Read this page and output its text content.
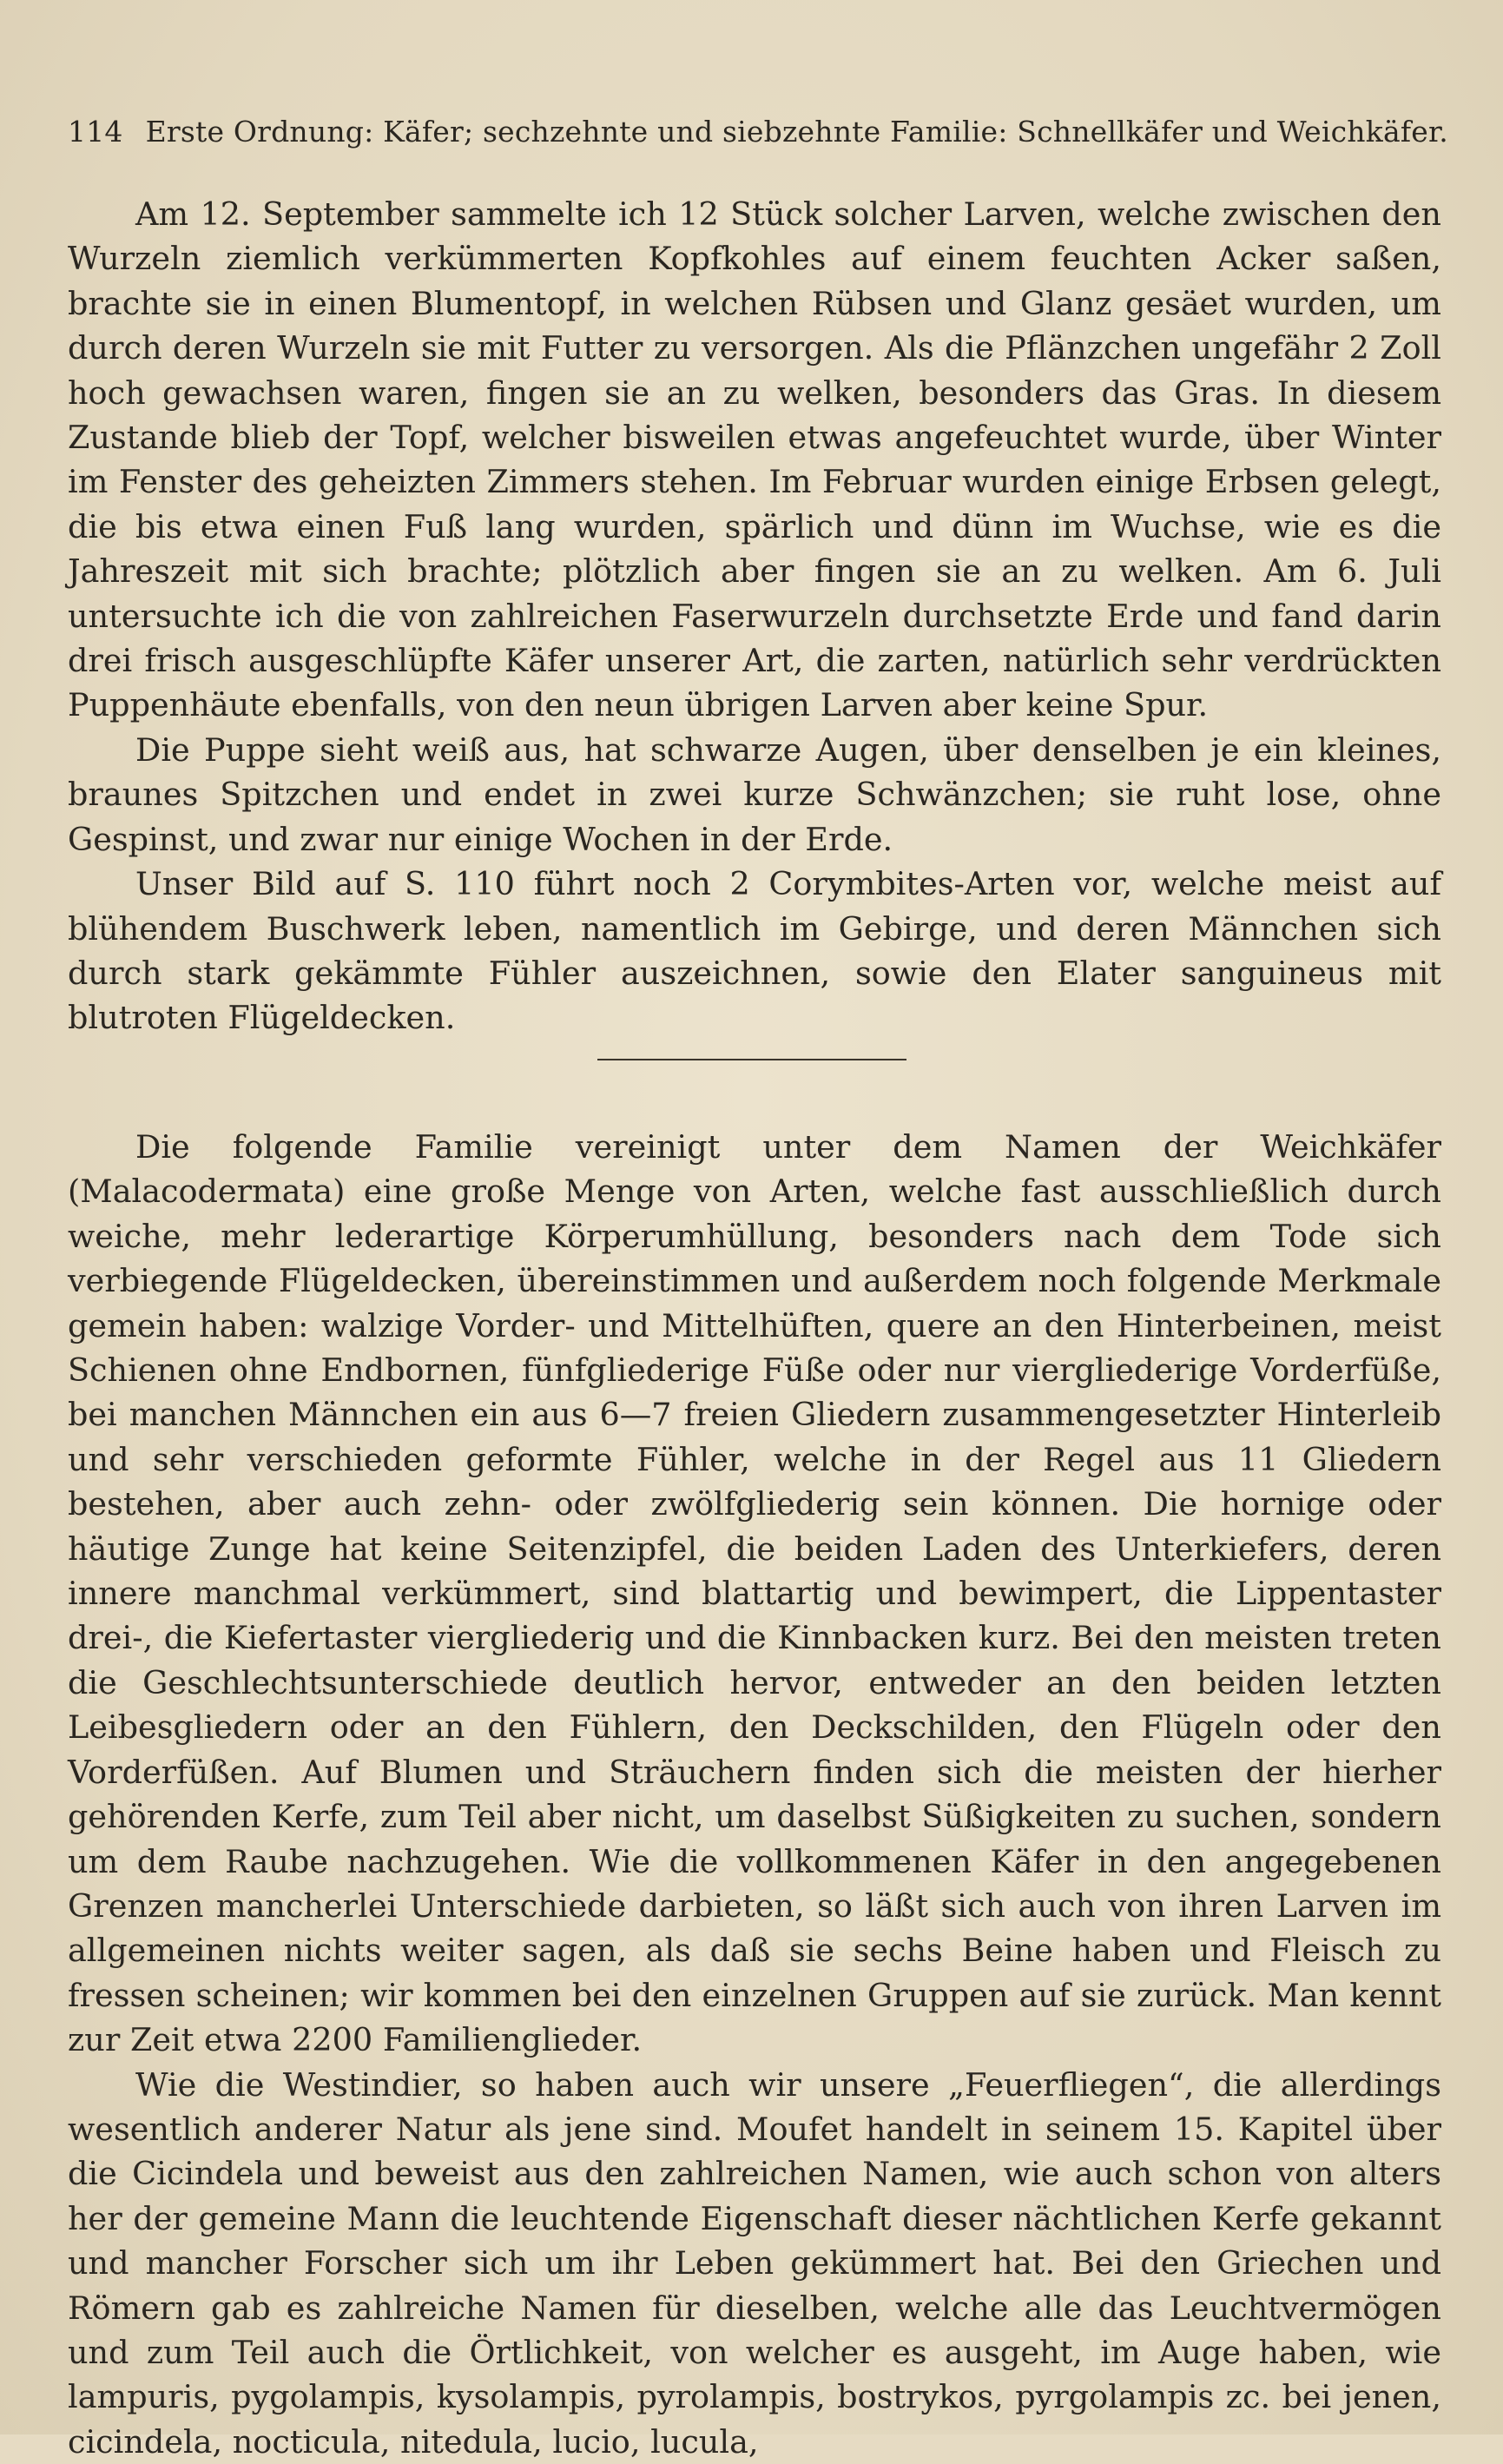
114 Erste Ordnung: Käfer; sechzehnte und siebzehnte Familie: Schnellkäfer und Weichkäfer.

Am 12. September sammelte ich 12 Stück solcher Larven, welche zwischen den Wurzeln ziemlich verkümmerten Kopfkohles auf einem feuchten Acker saßen, brachte sie in einen Blumentopf, in welchen Rübsen und Glanz gesäet wurden, um durch deren Wurzeln sie mit Futter zu versorgen. Als die Pflänzchen ungefähr 2 Zoll hoch gewachsen waren, fingen sie an zu welken, besonders das Gras. In diesem Zustande blieb der Topf, welcher bisweilen etwas angefeuchtet wurde, über Winter im Fenster des geheizten Zimmers stehen. Im Februar wurden einige Erbsen gelegt, die bis etwa einen Fuß lang wurden, spärlich und dünn im Wuchse, wie es die Jahreszeit mit sich brachte; plötzlich aber fingen sie an zu welken. Am 6. Juli untersuchte ich die von zahlreichen Faserwurzeln durchsetzte Erde und fand darin drei frisch ausgeschlüpfte Käfer unserer Art, die zarten, natürlich sehr verdrückten Puppenhäute ebenfalls, von den neun übrigen Larven aber keine Spur.

Die Puppe sieht weiß aus, hat schwarze Augen, über denselben je ein kleines, braunes Spitzchen und endet in zwei kurze Schwänzchen; sie ruht lose, ohne Gespinst, und zwar nur einige Wochen in der Erde.

Unser Bild auf S. 110 führt noch 2 Corymbites-Arten vor, welche meist auf blühendem Buschwerk leben, namentlich im Gebirge, und deren Männchen sich durch stark gekämmte Fühler auszeichnen, sowie den Elater sanguineus mit blutroten Flügeldecken.

Die folgende Familie vereinigt unter dem Namen der Weichkäfer (Malacodermata) eine große Menge von Arten, welche fast ausschließlich durch weiche, mehr lederartige Körperumhüllung, besonders nach dem Tode sich verbiegende Flügeldecken, übereinstimmen und außerdem noch folgende Merkmale gemein haben: walzige Vorder- und Mittelhüften, quere an den Hinterbeinen, meist Schienen ohne Endbornen, fünfgliederige Füße oder nur viergliederige Vorderfüße, bei manchen Männchen ein aus 6—7 freien Gliedern zusammengesetzter Hinterleib und sehr verschieden geformte Fühler, welche in der Regel aus 11 Gliedern bestehen, aber auch zehn- oder zwölfgliederig sein können. Die hornige oder häutige Zunge hat keine Seitenzipfel, die beiden Laden des Unterkiefers, deren innere manchmal verkümmert, sind blattartig und bewimpert, die Lippentaster drei-, die Kiefertaster viergliederig und die Kinnbacken kurz. Bei den meisten treten die Geschlechtsunterschiede deutlich hervor, entweder an den beiden letzten Leibesgliedern oder an den Fühlern, den Deckschilden, den Flügeln oder den Vorderfüßen. Auf Blumen und Sträuchern finden sich die meisten der hierher gehörenden Kerfe, zum Teil aber nicht, um daselbst Süßigkeiten zu suchen, sondern um dem Raube nachzugehen. Wie die vollkommenen Käfer in den angegebenen Grenzen mancherlei Unterschiede darbieten, so läßt sich auch von ihren Larven im allgemeinen nichts weiter sagen, als daß sie sechs Beine haben und Fleisch zu fressen scheinen; wir kommen bei den einzelnen Gruppen auf sie zurück. Man kennt zur Zeit etwa 2200 Familienglieder.

Wie die Westindier, so haben auch wir unsere „Feuerfliegen“, die allerdings wesentlich anderer Natur als jene sind. Moufet handelt in seinem 15. Kapitel über die Cicindela und beweist aus den zahlreichen Namen, wie auch schon von alters her der gemeine Mann die leuchtende Eigenschaft dieser nächtlichen Kerfe gekannt und mancher Forscher sich um ihr Leben gekümmert hat. Bei den Griechen und Römern gab es zahlreiche Namen für dieselben, welche alle das Leuchtvermögen und zum Teil auch die Örtlichkeit, von welcher es ausgeht, im Auge haben, wie lampuris, pygolampis, kysolampis, pyrolampis, bostrykos, pyrgolampis zc. bei jenen, cicindela, nocticula, nitedula, lucio, lucula,
